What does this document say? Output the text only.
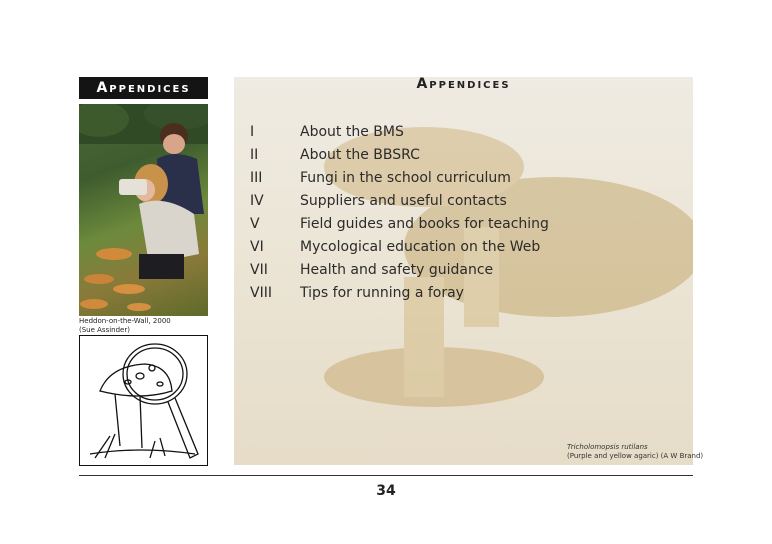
Appendices
Heddon-on-the-Wall, 2000
(Sue Assinder)
Appendices
I	About the BMS
II	About the BBSRC
III	Fungi in the school curriculum
IV	Suppliers and useful contacts
V	Field guides and books for teaching
VI	Mycological education on the Web
VII	Health and safety guidance
VIII	Tips for running a foray
Tricholomopsis rutilans
(Purple and yellow agaric) (A W Brand)
34
